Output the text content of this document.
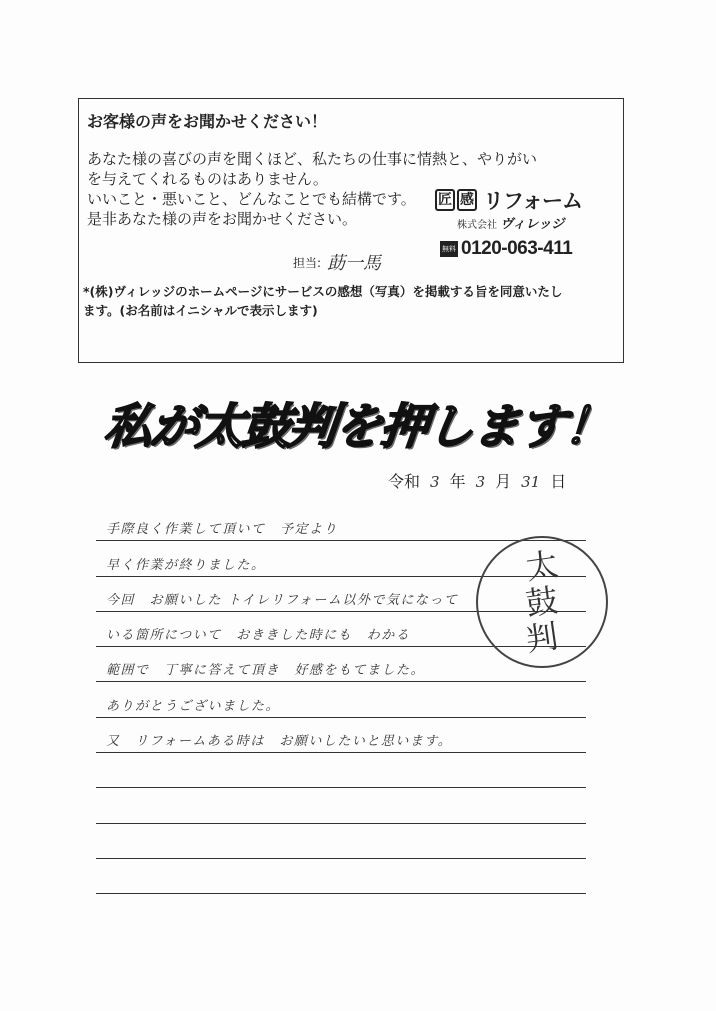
お客様の声をお聞かせください！
あなた様の喜びの声を聞くほど、私たちの仕事に情熱と、やりがい
を与えてくれるものはありません。
いいこと・悪いこと、どんなことでも結構です。
是非あなた様の声をお聞かせください。
匠 感 リフォーム
株式会社 ヴィレッジ
無料 0120-063-411
担当: 莇一馬
*(株)ヴィレッジのホームページにサービスの感想（写真）を掲載する旨を同意いたし
ます。(お名前はイニシャルで表示します)
私が太鼓判を押します！
令和 3 年 3 月 31 日
手際良く作業して頂いて　予定より
早く作業が終りました。
今回　お願いした トイレリフォーム以外で気になって
いる箇所について　おききした時にも　わかる
範囲で　丁寧に答えて頂き　好感をもてました。
ありがとうございました。
又　リフォームある時は　お願いしたいと思います。
太
鼓
判
